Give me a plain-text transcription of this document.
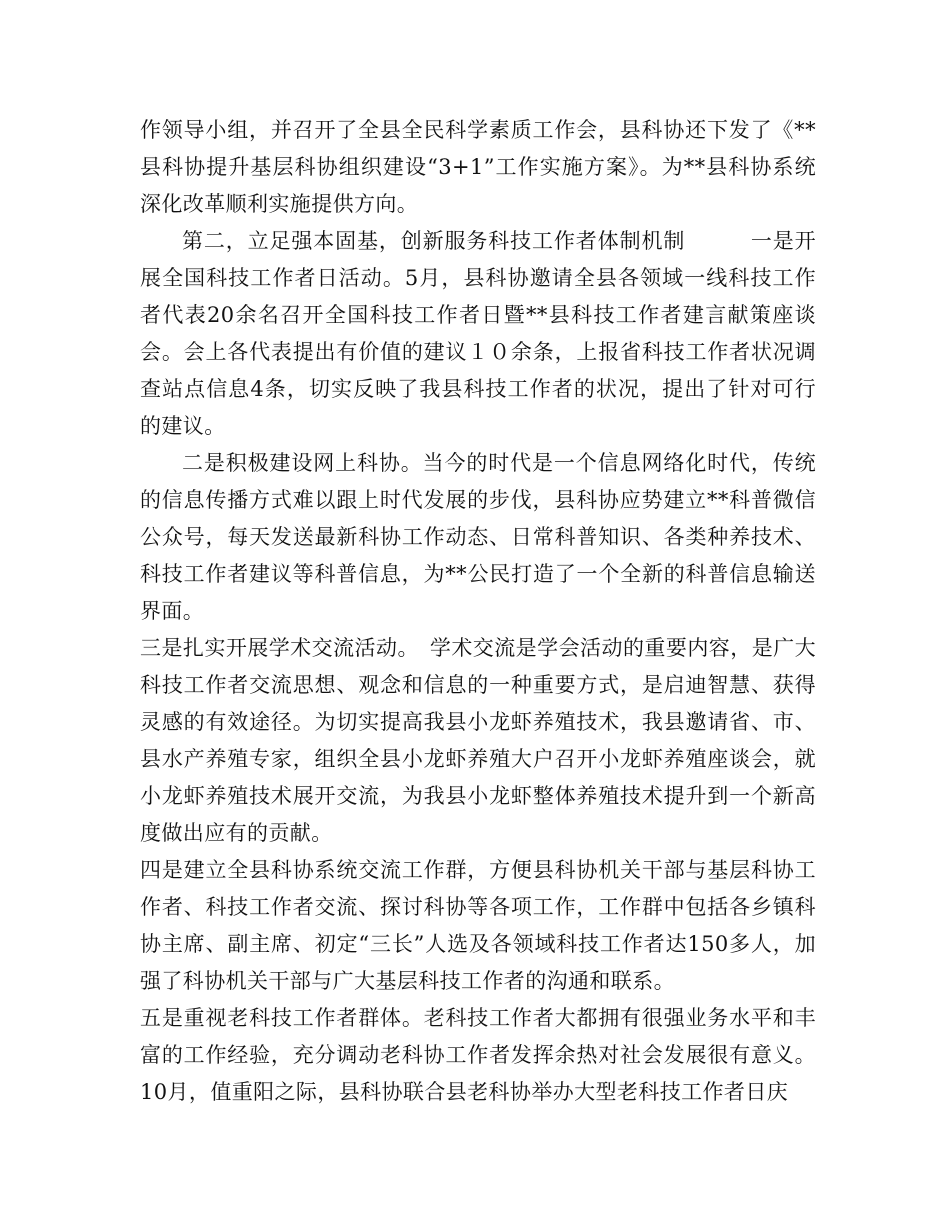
作领导小组，并召开了全县全民科学素质工作会，县科协还下发了《**县科协提升基层科协组织建设“3+1”工作实施方案》。为**县科协系统深化改革顺利实施提供方向。

第二，立足强本固基，创新服务科技工作者体制机制　　　一是开展全国科技工作者日活动。5月，县科协邀请全县各领域一线科技工作者代表20余名召开全国科技工作者日暨**县科技工作者建言献策座谈会。会上各代表提出有价值的建议１０余条，上报省科技工作者状况调查站点信息4条，切实反映了我县科技工作者的状况，提出了针对可行的建议。

二是积极建设网上科协。当今的时代是一个信息网络化时代，传统的信息传播方式难以跟上时代发展的步伐，县科协应势建立**科普微信公众号，每天发送最新科协工作动态、日常科普知识、各类种养技术、科技工作者建议等科普信息，为**公民打造了一个全新的科普信息输送界面。

三是扎实开展学术交流活动。　学术交流是学会活动的重要内容，是广大科技工作者交流思想、观念和信息的一种重要方式，是启迪智慧、获得灵感的有效途径。为切实提高我县小龙虾养殖技术，我县邀请省、市、县水产养殖专家，组织全县小龙虾养殖大户召开小龙虾养殖座谈会，就小龙虾养殖技术展开交流，为我县小龙虾整体养殖技术提升到一个新高度做出应有的贡献。

四是建立全县科协系统交流工作群，方便县科协机关干部与基层科协工作者、科技工作者交流、探讨科协等各项工作，工作群中包括各乡镇科协主席、副主席、初定“三长”人选及各领域科技工作者达150多人，加强了科协机关干部与广大基层科技工作者的沟通和联系。

五是重视老科技工作者群体。老科技工作者大都拥有很强业务水平和丰富的工作经验，充分调动老科协工作者发挥余热对社会发展很有意义。10月，值重阳之际，县科协联合县老科协举办大型老科技工作者日庆
